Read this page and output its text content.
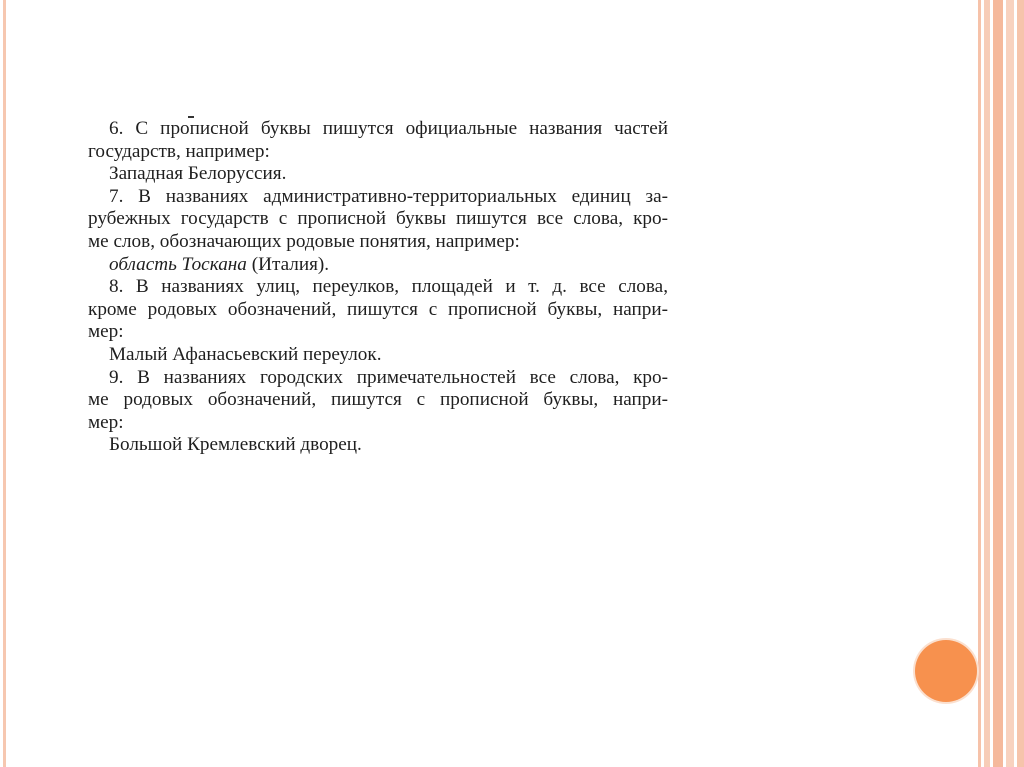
6. С прописной буквы пишутся официальные названия частей
государств, например:
Западная Белоруссия.
7. В названиях административно-территориальных единиц за-
рубежных государств с прописной буквы пишутся все слова, кро-
ме слов, обозначающих родовые понятия, например:
область Тоскана (Италия).
8. В названиях улиц, переулков, площадей и т. д. все слова,
кроме родовых обозначений, пишутся с прописной буквы, напри-
мер:
Малый Афанасьевский переулок.
9. В названиях городских примечательностей все слова, кро-
ме родовых обозначений, пишутся с прописной буквы, напри-
мер:
Большой Кремлевский дворец.
